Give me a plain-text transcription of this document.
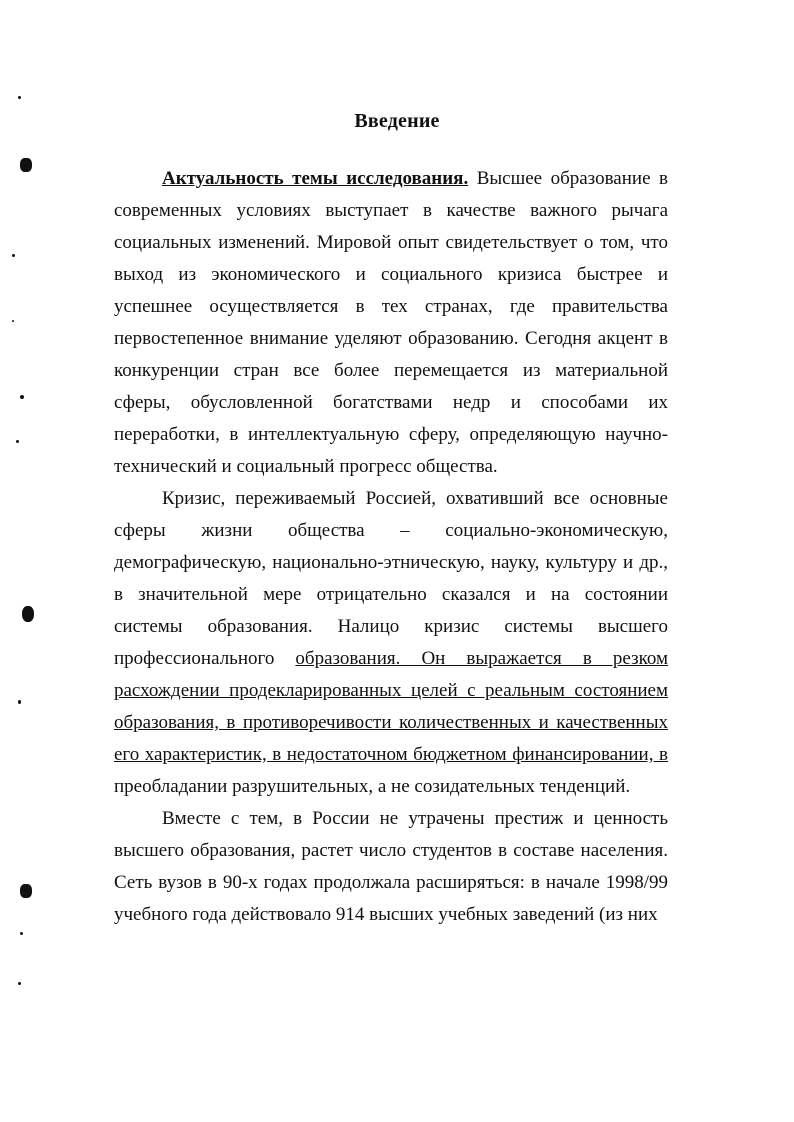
Введение

Актуальность темы исследования. Высшее образование в современных условиях выступает в качестве важного рычага социальных изменений. Мировой опыт свидетельствует о том, что выход из экономического и социального кризиса быстрее и успешнее осуществляется в тех странах, где правительства первостепенное внимание уделяют образованию. Сегодня акцент в конкуренции стран все более перемещается из материальной сферы, обусловленной богатствами недр и способами их переработки, в интеллектуальную сферу, определяющую научно-технический и социальный прогресс общества.

Кризис, переживаемый Россией, охвативший все основные сферы жизни общества – социально-экономическую, демографическую, национально-этническую, науку, культуру и др., в значительной мере отрицательно сказался и на состоянии системы образования. Налицо кризис системы высшего профессионального образования. Он выражается в резком расхождении продекларированных целей с реальным состоянием образования, в противоречивости количественных и качественных его характеристик, в недостаточном бюджетном финансировании, в преобладании разрушительных, а не созидательных тенденций.

Вместе с тем, в России не утрачены престиж и ценность высшего образования, растет число студентов в составе населения. Сеть вузов в 90-х годах продолжала расширяться: в начале 1998/99 учебного года действовало 914 высших учебных заведений (из них
